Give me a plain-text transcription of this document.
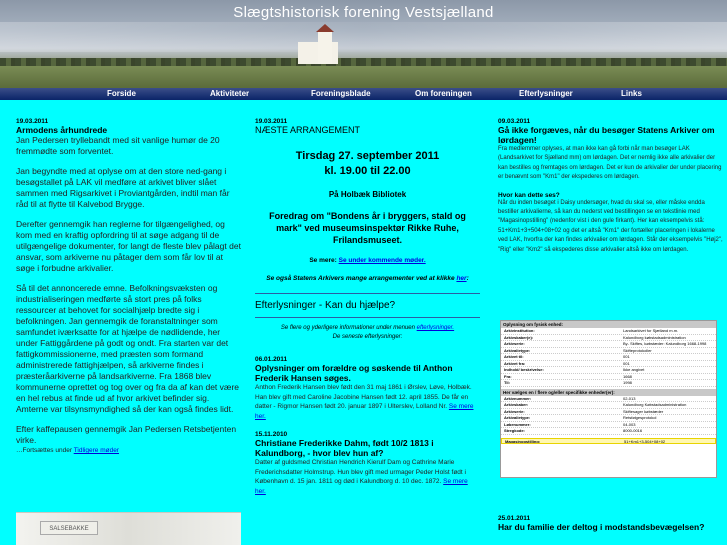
Slægtshistorisk forening Vestsjælland
Forside	Aktiviteter	Foreningsblade	Om foreningen	Efterlysninger	Links
19.03.2011
Armodens århundrede

Jan Pedersen tryllebandt med sit vanlige humør de 20 fremmødte som forventet.

Jan begyndte med at oplyse om at den store ned-gang i besøgstallet på LAK vil medføre at arkivet bliver slået sammen med Rigsarkivet i Proviantgården, indtil man får råd til at flytte til Kalvebod Brygge.

Derefter gennemgik han reglerne for tilgængelighed, og kom med en kraftig opfordring til at søge adgang til de utilgængelige dokumenter, for langt de fleste blev pålagt det ansvar, som arkiverne nu påtager dem som får lov til at søge i forbudne arkivalier.

Så til det annoncerede emne. Befolkningsvæksten og industrialiseringen medførte så stort pres på folks ressourcer at behovet for socialhjælp bredte sig i befolkningen. Jan gennemgik de foranstaltninger som samfundet iværksatte for at hjælpe de nødlidende, her under Fattiggårdene på godt og ondt. Fra starten var det fattigkommissionerne, med præsten som formand administrerede fattighjælpen, så arkiverne findes i præsteråarkiverne på landsarkiverne. Fra 1868 blev kommunerne oprettet og tog over og fra da af kan det være en hel rebus at finde ud af hvor arkivet befinder sig. Amterne var tilsynsmyndighed så der kan også findes lidt.

Efter kaffepausen gennemgik Jan Pedersen Retsbetjenten virke.

…Fortsættes under Tidligere møder

SALSEBAKKE
19.03.2011
NÆSTE ARRANGEMENT
Tirsdag 27. september 2011
kl. 19.00 til 22.00
På Holbæk Bibliotek
Foredrag om "Bondens år i bryggers, stald og mark" ved museumsinspektør Rikke Ruhe, Frilandsmuseet.
Se mere: Se under kommende møder.
Se også Statens Arkivers mange arrangementer ved at klikke her:
Efterlysninger - Kan du hjælpe?
Se flere og yderligere informationer under menuen efterlysninger.
De seneste efterlysninger:
06.01.2011
Oplysninger om forældre og søskende til Anthon Frederik Hansen søges.

Anthon Frederik Hansen blev født den 31 maj 1861 i Ørslev, Løve, Holbæk. Han blev gift med Caroline Jacobine Hansen født 12. april 1855. De får en datter - Rigmor Hansen født 20. januar 1897 i Ulterslev, Lolland Nr. Se mere her.

15.11.2010
Christiane Frederikke Dahm, født 10/2 1813 i Kalundborg, - hvor blev hun af?

Datter af guldsmed Christian Hendrich Kierulf Dam og Cathrine Marie Frederichsdatter Holmstrup. Hun blev gift med urmager Peder Holst født i København d. 15 jan. 1811 og død i Kalundborg d. 10 dec. 1872. Se mere her.

09.03.2011
Gå ikke forgæves, når du besøger Statens Arkiver om lørdagen!

Fra medlemmer oplyses, at man ikke kan gå forbi når man besøger LAK (Landsarkivet for Sjælland mm) om lørdagen. Det er nemlig ikke alle arkivalier der kan bestilles og fremtages om lørdagen. Det er kun de arkivalier der under placering er benævnt som "Km1" der ekspederes om lørdagen.

Hvor kan dette ses?

Når du inden besøget i Daisy undersøger, hvad du skal se, eller måske endda bestiller arkivalierne, så kan du nederst ved bestillingen se en tekstlinie med "Magasinopstilling" (nedenfor vist i den gule firkant). Her kan eksempelvis stå: 51+Km1+3+504+08+02 og det er altså "Km1" der fortæller placeringen i lokalerne ved LAK, hvorfra der kan findes arkivalier om lørdagen. Står der eksempelvis "Høj2", "Rig" eller "Km2" så ekspederes disse arkivalier altså ikke om lørdagen.

Oplysning om fysisk enhed:
Arkivinstitution:	Landsarkivet for Sjælland m.m.
Arkivskaber(e):	Kalundborg købstadsadministration
Arkivserie:	By- Skiftes, købstæder: Kalundborg 1668-1998
Arkivalietype:	Skifteprotokoller
Arkivet til:	001
Arkivet fra:	001
Indhold/ beskrivelse:	Ikke angivet
Fra:	1668
Til:	1998
Her vælges en / flere og/eller specifikke enheder(er):
Arkivnummer:	02-013
Arkivskaber:	Kalundborg Købstadsadministration
Arkivserie:	Skiftesager købstæder
Arkivalietype:	Retsfølgesprotokol
Løbenummer:	04-003
Stregkode:	8000-0016
Magasinopstilling:	51+Km1+3-504+08+02
25.01.2011
Har du familie der deltog i modstandsbevægelsen?
